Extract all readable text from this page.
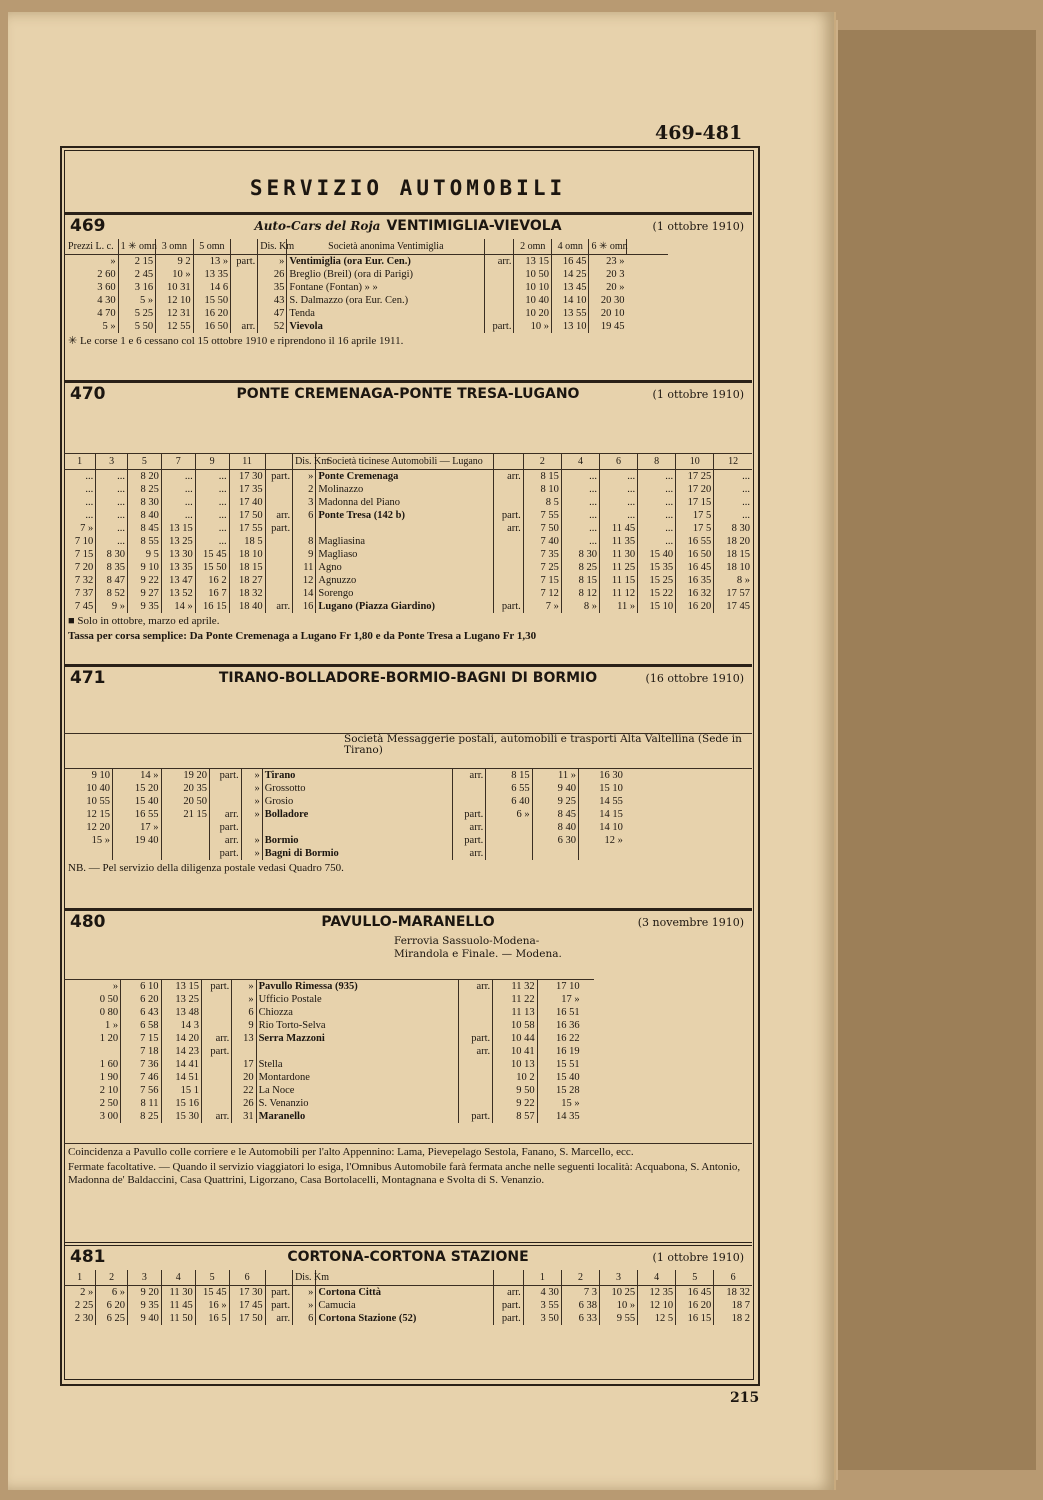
469-481
SERVIZIO AUTOMOBILI
469	Auto-Cars del Roja VENTIMIGLIA-VIEVOLA	(1 ottobre 1910)
Prezzi L. c.	1 ✳ omn	3 omn	5 omn		Dis. Km	Società anonima Ventimiglia		2 omn	4 omn	6 ✳ omn	
»	2 15	9 2	13 »	part.	»	Ventimiglia (ora Eur. Cen.)	arr.	13 15	16 45	23 »	
2 60	2 45	10 »	13 35		26	Breglio (Breil) (ora di Parigi)		10 50	14 25	20 3	
3 60	3 16	10 31	14 6		35	Fontane (Fontan) » »		10 10	13 45	20 »	
4 30	5 »	12 10	15 50		43	S. Dalmazzo (ora Eur. Cen.)		10 40	14 10	20 30	
4 70	5 25	12 31	16 20		47	Tenda		10 20	13 55	20 10	
5 »	5 50	12 55	16 50	arr.	52	Vievola	part.	10 »	13 10	19 45	
✳ Le corse 1 e 6 cessano col 15 ottobre 1910 e riprendono il 16 aprile 1911.
470	PONTE CREMENAGA-PONTE TRESA-LUGANO	(1 ottobre 1910)
1	3	5	7	9	11		Dis. Km	Società ticinese Automobili — Lugano		2	4	6	8	10	12
...	...	8 20	...	...	17 30	part.	»	Ponte Cremenaga	arr.	8 15	...	...	...	17 25	...
...	...	8 25	...	...	17 35		2	Molinazzo		8 10	...	...	...	17 20	...
...	...	8 30	...	...	17 40		3	Madonna del Piano		8 5	...	...	...	17 15	...
...	...	8 40	...	...	17 50	arr.	6	Ponte Tresa (142 b)	part.	7 55	...	...	...	17 5	...
7 »	...	8 45	13 15	...	17 55	part.			arr.	7 50	...	11 45	...	17 5	8 30
7 10	...	8 55	13 25	...	18 5		8	Magliasina		7 40	...	11 35	...	16 55	18 20
7 15	8 30	9 5	13 30	15 45	18 10		9	Magliaso		7 35	8 30	11 30	15 40	16 50	18 15
7 20	8 35	9 10	13 35	15 50	18 15		11	Agno		7 25	8 25	11 25	15 35	16 45	18 10
7 32	8 47	9 22	13 47	16 2	18 27		12	Agnuzzo		7 15	8 15	11 15	15 25	16 35	8 »
7 37	8 52	9 27	13 52	16 7	18 32		14	Sorengo		7 12	8 12	11 12	15 22	16 32	17 57
7 45	9 »	9 35	14 »	16 15	18 40	arr.	16	Lugano (Piazza Giardino)	part.	7 »	8 »	11 »	15 10	16 20	17 45
■ Solo in ottobre, marzo ed aprile.
Tassa per corsa semplice: Da Ponte Cremenaga a Lugano Fr 1,80 e da Ponte Tresa a Lugano Fr 1,30
471	TIRANO-BOLLADORE-BORMIO-BAGNI DI BORMIO	(16 ottobre 1910)
Società Messaggerie postali, automobili e trasporti Alta Valtellina (Sede in Tirano)
9 10	14 »	19 20	part.	»	Tirano	arr.	8 15	11 »	16 30
10 40	15 20	20 35		»	Grossotto		6 55	9 40	15 10
10 55	15 40	20 50		»	Grosio		6 40	9 25	14 55
12 15	16 55	21 15	arr.	»	Bolladore	part.	6 »	8 45	14 15
12 20	17 »		part.			arr.		8 40	14 10
15 »	19 40		arr.	»	Bormio	part.		6 30	12 »
			part.	»	Bagni di Bormio	arr.			
NB. — Pel servizio della diligenza postale vedasi Quadro 750.
480	PAVULLO-MARANELLO	(3 novembre 1910)
Ferrovia Sassuolo-Modena-Mirandola e Finale. — Modena.
»	6 10	13 15	part.	»	Pavullo Rimessa (935)	arr.	11 32	17 10
0 50	6 20	13 25		»	Ufficio Postale		11 22	17 »
0 80	6 43	13 48		6	Chiozza		11 13	16 51
1 »	6 58	14 3		9	Rio Torto-Selva		10 58	16 36
1 20	7 15	14 20	arr.	13	Serra Mazzoni	part.	10 44	16 22
	7 18	14 23	part.			arr.	10 41	16 19
1 60	7 36	14 41		17	Stella		10 13	15 51
1 90	7 46	14 51		20	Montardone		10 2	15 40
2 10	7 56	15 1		22	La Noce		9 50	15 28
2 50	8 11	15 16		26	S. Venanzio		9 22	15 »
3 00	8 25	15 30	arr.	31	Maranello	part.	8 57	14 35
Coincidenza a Pavullo colle corriere e le Automobili per l'alto Appennino: Lama, Pievepelago Sestola, Fanano, S. Marcello, ecc.
Fermate facoltative. — Quando il servizio viaggiatori lo esiga, l'Omnibus Automobile farà fermata anche nelle seguenti località: Acquabona, S. Antonio, Madonna de' Baldaccini, Casa Quattrini, Ligorzano, Casa Bortolacelli, Montagnana e Svolta di S. Venanzio.
481	CORTONA-CORTONA STAZIONE	(1 ottobre 1910)
1	2	3	4	5	6		Dis. Km			1	2	3	4	5	6
2 »	6 »	9 20	11 30	15 45	17 30	part.	»	Cortona Città	arr.	4 30	7 3	10 25	12 35	16 45	18 32
2 25	6 20	9 35	11 45	16 »	17 45	part.	»	Camucia	part.	3 55	6 38	10 »	12 10	16 20	18 7
2 30	6 25	9 40	11 50	16 5	17 50	arr.	6	Cortona Stazione (52)	part.	3 50	6 33	9 55	12 5	16 15	18 2
215
